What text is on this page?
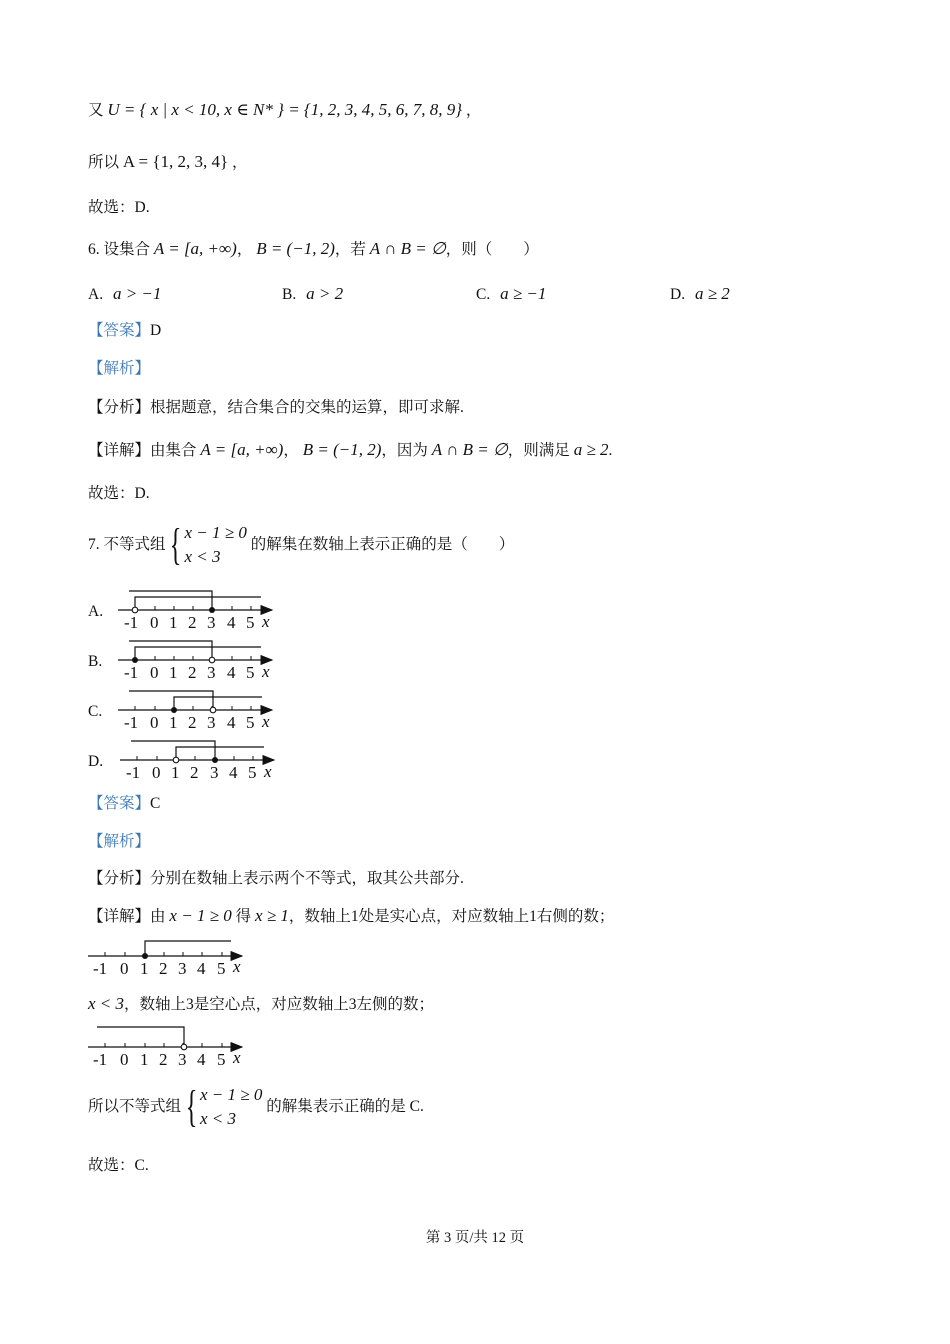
又 U = { x | x < 10, x ∈ N* } = {1, 2, 3, 4, 5, 6, 7, 8, 9} ，
所以 A = {1, 2, 3, 4} ，
故选：D.
6. 设集合 A = [a, +∞)， B = (−1, 2)，若 A ∩ B = ∅，则（　　）
A. a > −1	B. a > 2	C. a ≥ −1	D. a ≥ 2
【答案】D
【解析】
【分析】根据题意，结合集合的交集的运算，即可求解.
【详解】由集合 A = [a, +∞)， B = (−1, 2)，因为 A ∩ B = ∅，则满足 a ≥ 2.
故选：D.
7. 不等式组 { x − 1 ≥ 0
x < 3
的解集在数轴上表示正确的是（　　）
A.
B.
C.
D.
-1 0 1 2 3 4 5 x
-1 0 1 2 3 4 5 x
-1 0 1 2 3 4 5 x
-1 0 1 2 3 4 5 x
-1 0 1 2 3 4 5 x
-1 0 1 2 3 4 5 x
【答案】C
【解析】
【分析】分别在数轴上表示两个不等式，取其公共部分.
【详解】由 x − 1 ≥ 0 得 x ≥ 1，数轴上1处是实心点，对应数轴上1右侧的数；
x < 3，数轴上3是空心点，对应数轴上3左侧的数；
所以不等式组 { x − 1 ≥ 0
x < 3
的解集表示正确的是 C.
故选：C.
第 3 页/共 12 页
